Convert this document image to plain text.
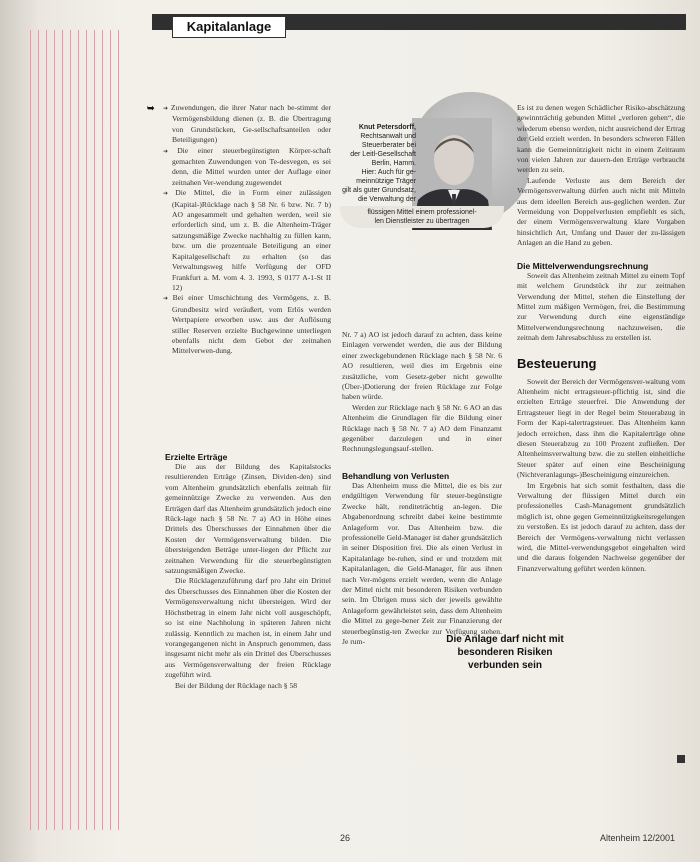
Kapitalanlage
➥

➜	Zuwendungen, die ihrer Natur nach be-stimmt der Vermögensbildung dienen (z. B. die Übertragung von Grundstücken, Ge-sellschaftsanteilen oder Beteiligungen)

➜ Die einer steuerbegünstigten Körper-schaft gemachten Zuwendungen von Te-desvegen, es sei denn, die Mittel wurden unter der Auflage einer zeitnahen Ver-wendung zugewendet

➜ Die Mittel, die in Form einer zulässigen (Kapital-)Rücklage nach § 58 Nr. 6 bzw. Nr. 7 b) AO angesammelt und gehalten werden, weil sie erforderlich sind, um z. B. die Altenheim-Träger satzungsmäßige Zwecke nachhaltig zu füllen kann, bzw. um die prozentuale Beteiligung an einer Kapitalgesellschaft zu erhalten (so das Verwaltungsweg hilfe Verfügung der OFD Frankfurt a. M. vom 4. 3. 1993, S 0177 A-1-St II 12)

➜ Bei einer Umschichtung des Vermögens, z. B. Grundbesitz wird veräußert, vom Erlös werden Wertpapiere erworben usw. aus der Auflösung stiller Reserven erzielte Buchgewinne unterliegen ebenfalls nicht dem Gebot der zeitnahen Mittelverwen-dung.

Erzielte Erträge

Die aus der Bildung des Kapitalstocks resultierenden Erträge (Zinsen, Dividen-den) sind vom Altenheim grundsätzlich ebenfalls zeitnah für gemeinnützige Zwecke zu verwenden. Aus den Erträgen darf das Altenheim grundsätzlich jedoch eine Rück-lage nach § 58 Nr. 7 a) AO in Höhe eines Drittels des Überschusses der Einnahmen über die Kosten der Vermögensverwaltung bilden. Die übersteigenden Beträge unter-liegen der Pflicht zur zeitnahen Verwendung für die steuerbegünstigten satzungsmäßigen Zwecke.

Die Rücklagenzuführung darf pro Jahr ein Drittel des Überschusses des Einnahmen über die Kosten der Vermögensverwaltung nicht übersteigen. Wird der Höchstbetrag in einem Jahr nicht voll ausgeschöpft, so ist eine Nachholung in späteren Jahren nicht zulässig. Kenntlich zu machen ist, in einem Jahr und vorangegangenen nicht in Anspruch genommen, dass insgesamt nicht mehr als ein Drittel des Überschusses aus Vermögensverwaltung der freien Rücklage zugeführt wird.

Bei der Bildung der Rücklage nach § 58

Knut Petersdorff,
Rechtsanwalt und
Steuerberater bei
der Leitl-Gesellschaft
Berlin, Hamm.
Hier: Auch für ge-
meinnützige Träger
gilt als guter Grundsatz,
die Verwaltung der
flüssigen Mittel einem professionel-
len Dienstleister zu übertragen

Nr. 7 a) AO ist jedoch darauf zu achten, dass keine Einlagen verwendet werden, die aus der Bildung einer zweckgebundenen Rücklage nach § 58 Nr. 6 AO resultieren, weil dies im Ergebnis eine zusätzliche, vom Gesetz-geber nicht gewollte (Über-)Dotierung der freien Rücklage zur Folge haben würde.

Werden zur Rücklage nach § 58 Nr. 6 AO an das Altenheim die Grundlagen für die Bildung einer Rücklage nach § 58 Nr. 7 a) AO dem Finanzamt gegenüber darzulegen und in einer Rechnungslegungsauf-stellen.

Behandlung von Verlusten

Das Altenheim muss die Mittel, die es bis zur endgültigen Verwendung für steuer-begünstigte Zwecke hält, renditeträchtig an-legen. Die Abgabenordnung schreibt dabei keine bestimmte Anlageform vor. Das Altenheim bzw. die professionelle Geld-Manager ist daher grundsätzlich in seiner Disposition frei. Die als einen Verlust in Kapitalanlage be-ruhen, sind er und trotzdem mit Kapitalanlagen, die Geld-Manager, für aus ihnen nach Ver-mögens erzielt werden, wenn die Anlage der Mittel nicht mit besonderen Risiken verbunden sein. Im Übrigen muss sich der jeweils gewählte Anlageform gewährleistet sein, dass dem Altenheim die Mittel zu gege-bener Zeit zur Finanzierung der steuerbegünstig-ten Zwecke zur Verfügung stehen. Je rum-	Die Anlage darf nicht mit besonderen Risiken verbunden sein

Es ist zu denen wegen Schädlicher Risiko-abschätzung gewinnträchtig gebunden Mittel „verloren gehen“, die wiederum ebenso werden, nicht ausreichend der Ertrag der Geld erzielt werden. In besonders schweren Fällen kann die Gemeinnützigkeit nicht in einem Zeitraum von vielen Jahren zur dauern-den Erträge verbraucht werden zu sein.

Laufende Verluste aus dem Bereich der Vermögensverwaltung dürfen auch nicht mit Mitteln aus dem ideellen Bereich aus-geglichen werden. Zur Vermeidung von Doppelverlusten empfiehlt es sich, der einem Vermögensverwaltung klare Vorgaben hinsichtlich Art, Umfang und Dauer der zu-lässigen Anlagen an die Hand zu geben.

Die Mittelverwendungsrechnung

Soweit das Altenheim zeitnah Mittel zu einem Topf mit welchem Grundstück ihr zur zeitnahen Verwendung der Mittel, stehen die Einstellung der Mittel zum mäßigen Vermögen, frei, die Bestimmung zur Verwendung durch eine eigenständige Mittelverwendungsrechnung nachzuweisen, die zeitnah dem Jahresabschluss zu erstellen ist.

Besteuerung

Soweit der Bereich der Vermögensver-waltung vom Altenheim nicht ertragsteuer-pflichtig ist, sind die erzielten Erträge steuerfrei. Die Anwendung der Ertragsteuer liegt in der Regel beim Steuerabzug in Form der Kapi-talertragsteuer. Das Altenheim kann jedoch erreichen, dass ihm die Kapitalerträge ohne diesen Steuerabzug zu 100 Prozent zufließen. Der Altenheimsverwaltung bzw. die zu stellen einheitliche Steuer später auf einen eine Bescheinigung (Nichtveranlagungs-)Bescheinigung einzureichen.

Im Ergebnis hat sich somit festhalten, dass die Verwaltung der flüssigen Mittel durch ein professionelles Cash-Management grundsätzlich möglich ist, ohne gegen Gemeinnützigkeitsregelungen zu verstoßen. Es ist jedoch darauf zu achten, dass der Bereich der Vermögens-verwaltung nicht verlassen wird, die Mittel-verwendungsgebot eingehalten wird und die daraus folgenden Nachweise gegenüber der Finanzverwaltung geführt werden können.

26	Altenheim 12/2001
